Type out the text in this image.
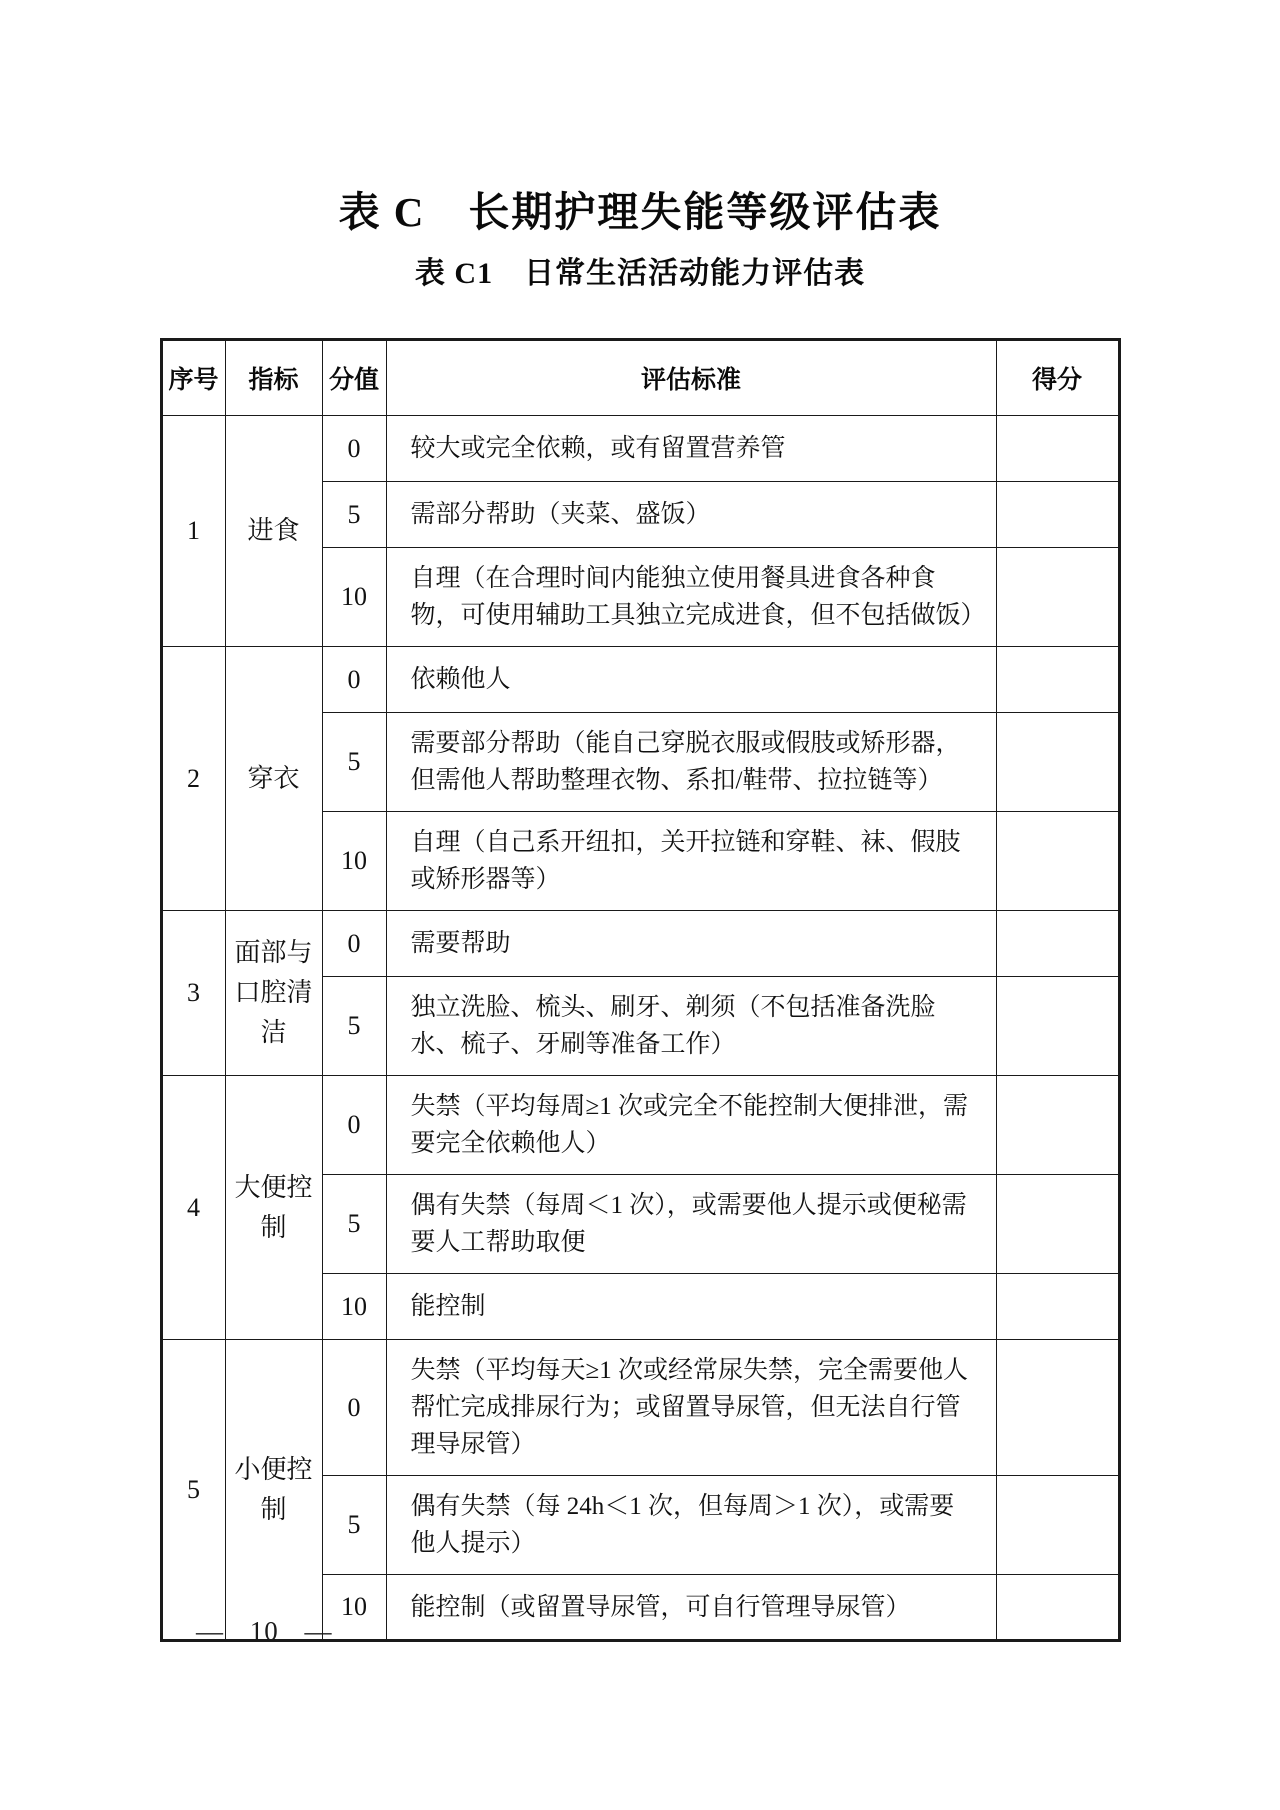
表 C　长期护理失能等级评估表
表 C1　日常生活活动能力评估表
序号	指标	分值	评估标准	得分
1	进食	0	较大或完全依赖，或有留置营养管	
		5	需部分帮助（夹菜、盛饭）	
		10	自理（在合理时间内能独立使用餐具进食各种食物，可使用辅助工具独立完成进食，但不包括做饭）	
2	穿衣	0	依赖他人	
		5	需要部分帮助（能自己穿脱衣服或假肢或矫形器，但需他人帮助整理衣物、系扣/鞋带、拉拉链等）	
		10	自理（自己系开纽扣，关开拉链和穿鞋、袜、假肢或矫形器等）	
3	面部与口腔清洁	0	需要帮助	
		5	独立洗脸、梳头、刷牙、剃须（不包括准备洗脸水、梳子、牙刷等准备工作）	
4	大便控制	0	失禁（平均每周≥1 次或完全不能控制大便排泄，需要完全依赖他人）	
		5	偶有失禁（每周＜1 次），或需要他人提示或便秘需要人工帮助取便	
		10	能控制	
5	小便控制	0	失禁（平均每天≥1 次或经常尿失禁，完全需要他人帮忙完成排尿行为；或留置导尿管，但无法自行管理导尿管）	
		5	偶有失禁（每 24h＜1 次，但每周＞1 次），或需要他人提示）	
		10	能控制（或留置导尿管，可自行管理导尿管）	
— 10 —
